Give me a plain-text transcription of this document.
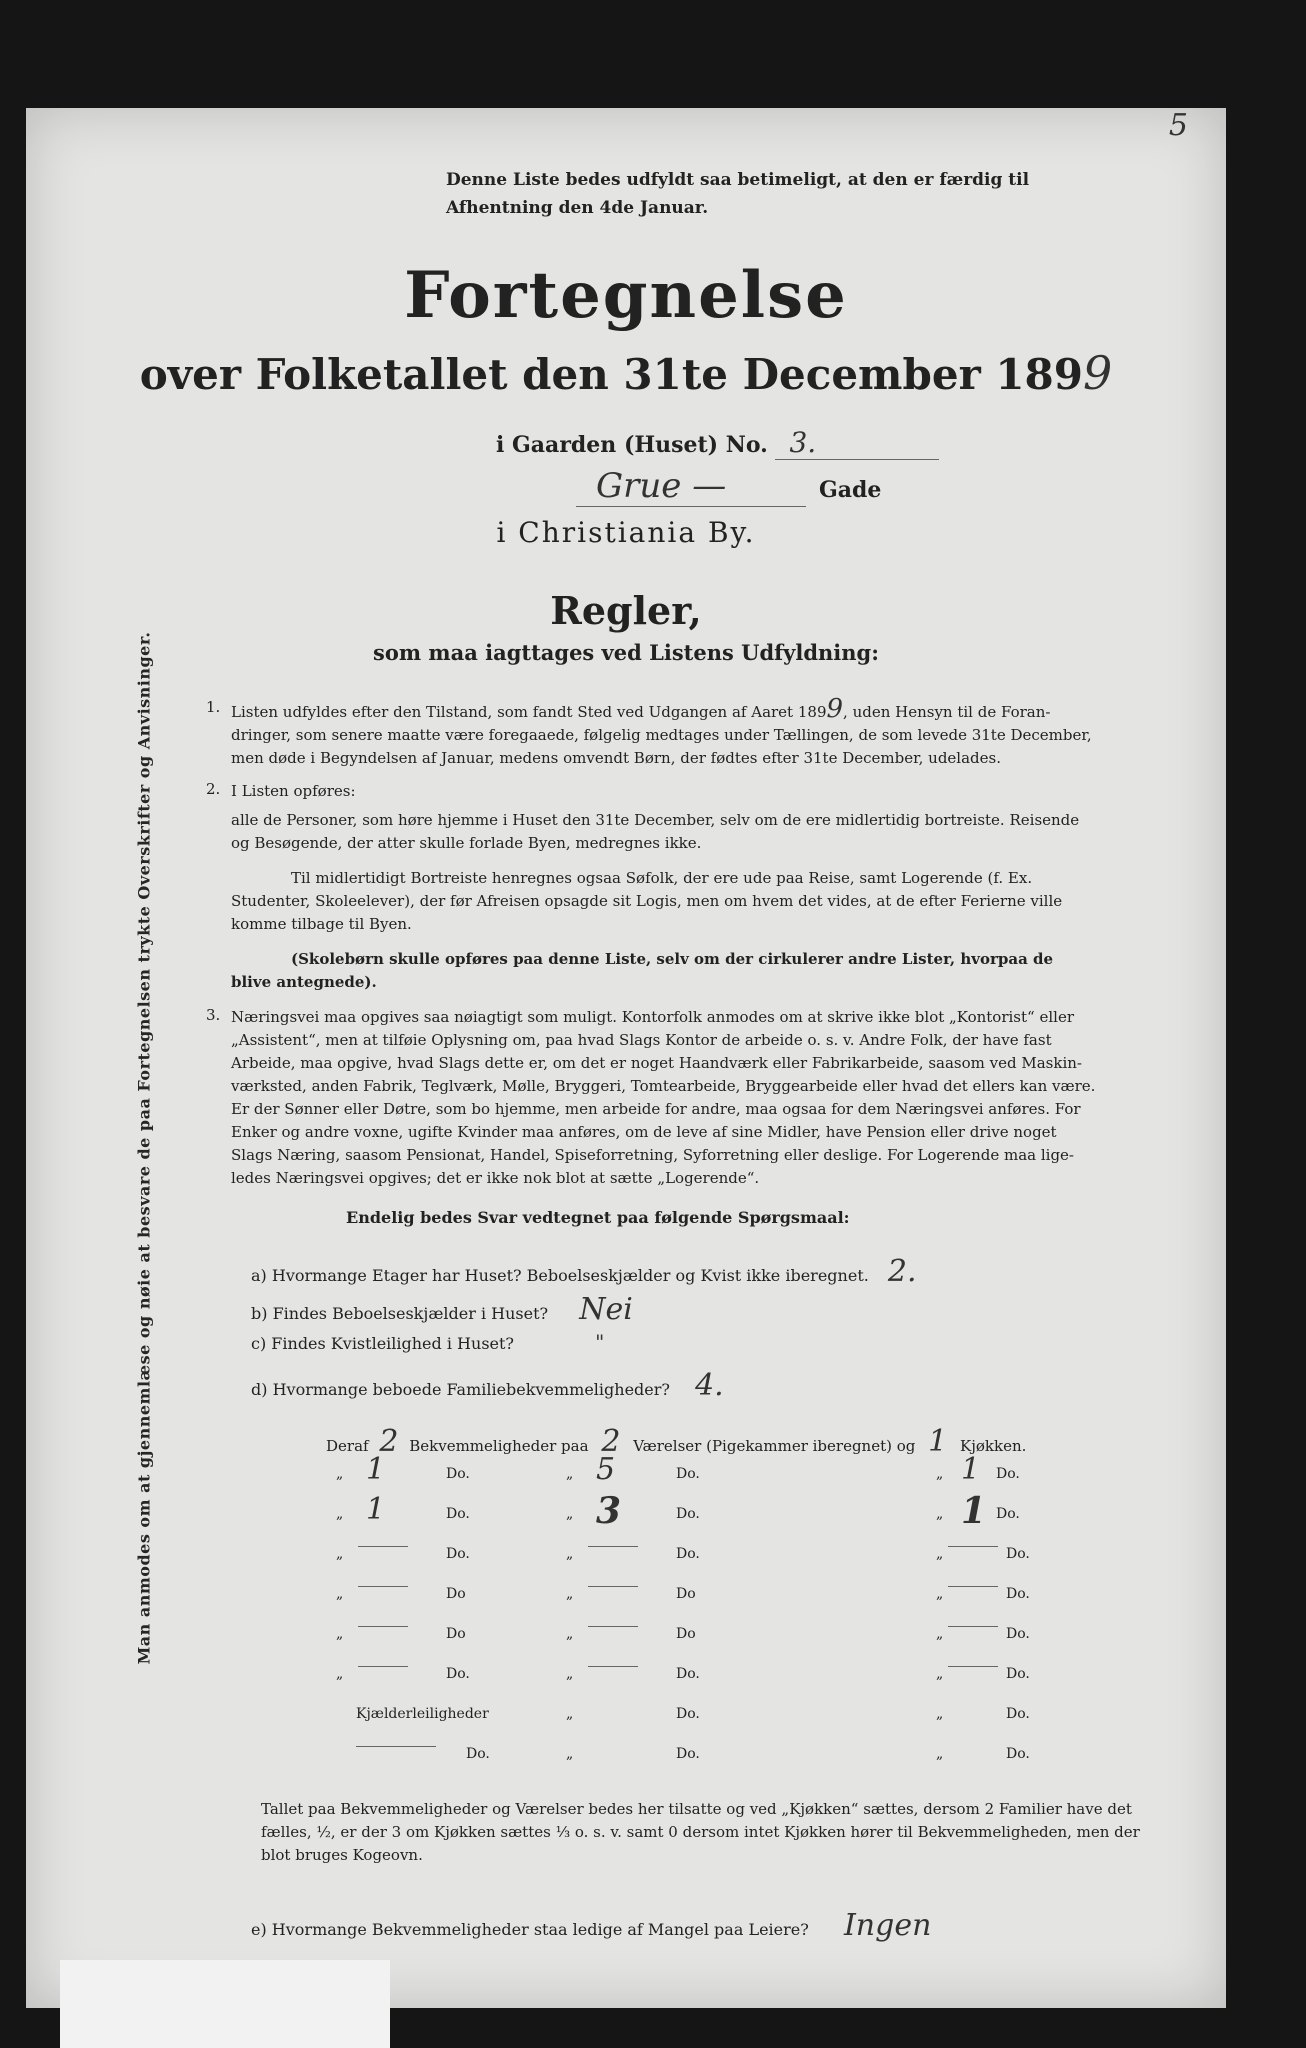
5
Man anmodes om at gjennemlæse og nøie at besvare de paa Fortegnelsen trykte Overskrifter og Anvisninger.
Denne Liste bedes udfyldt saa betimeligt, at den er færdig til Afhentning den 4de Januar.
Fortegnelse
over Folketallet den 31te December 1899
i Gaarden (Huset) No. 3.
Grue —	Gade
i Christiania By.
Regler,
som maa iagttages ved Listens Udfyldning:
1. Listen udfyldes efter den Tilstand, som fandt Sted ved Udgangen af Aaret 1899, uden Hensyn til de Foran-
dringer, som senere maatte være foregaaede, følgelig medtages under Tællingen, de som levede 31te December,
men døde i Begyndelsen af Januar, medens omvendt Børn, der fødtes efter 31te December, udelades.
2. I Listen opføres:
alle de Personer, som høre hjemme i Huset den 31te December, selv om de ere midlertidig bortreiste. Reisende
og Besøgende, der atter skulle forlade Byen, medregnes ikke.
Til midlertidigt Bortreiste henregnes ogsaa Søfolk, der ere ude paa Reise, samt Logerende (f. Ex.
Studenter, Skoleelever), der før Afreisen opsagde sit Logis, men om hvem det vides, at de efter Ferierne ville
komme tilbage til Byen.
(Skolebørn skulle opføres paa denne Liste, selv om der cirkulerer andre Lister, hvorpaa de
blive antegnede).
3. Næringsvei maa opgives saa nøiagtigt som muligt. Kontorfolk anmodes om at skrive ikke blot „Kontorist“ eller
„Assistent“, men at tilføie Oplysning om, paa hvad Slags Kontor de arbeide o. s. v. Andre Folk, der have fast
Arbeide, maa opgive, hvad Slags dette er, om det er noget Haandværk eller Fabrikarbeide, saasom ved Maskin-
værksted, anden Fabrik, Teglværk, Mølle, Bryggeri, Tomtearbeide, Bryggearbeide eller hvad det ellers kan være.
Er der Sønner eller Døtre, som bo hjemme, men arbeide for andre, maa ogsaa for dem Næringsvei anføres. For
Enker og andre voxne, ugifte Kvinder maa anføres, om de leve af sine Midler, have Pension eller drive noget
Slags Næring, saasom Pensionat, Handel, Spiseforretning, Syforretning eller deslige. For Logerende maa lige-
ledes Næringsvei opgives; det er ikke nok blot at sætte „Logerende“.
Endelig bedes Svar vedtegnet paa følgende Spørgsmaal:
a) Hvormange Etager har Huset? Beboelseskjælder og Kvist ikke iberegnet. 2.
b) Findes Beboelseskjælder i Huset? Nei
c) Findes Kvistleilighed i Huset?	"
d) Hvormange beboede Familiebekvemmeligheder? 4.
Deraf 2 Bekvemmeligheder paa 2 Værelser (Pigekammer iberegnet) og 1 Kjøkken.
„ 1	Do.	„ 5	Do.	„ 1 Do.
„ 1	Do.	„ 3	Do.	„ 1 Do.
„	Do.	„	Do.	„	Do.
„	Do	„	Do	„	Do.
„	Do	„	Do	„	Do.
„	Do.	„	Do.	„	Do.
Kjælderleiligheder	„	Do.	„	Do.
Do.	„	Do.	„	Do.
Tallet paa Bekvemmeligheder og Værelser bedes her tilsatte og ved „Kjøkken“ sættes, dersom 2 Familier have det fælles, ½, er der 3 om Kjøkken sættes ⅓ o. s. v. samt 0 dersom intet Kjøkken hører til Bekvemmeligheden, men der blot bruges Kogeovn.
e) Hvormange Bekvemmeligheder staa ledige af Mangel paa Leiere? Ingen
